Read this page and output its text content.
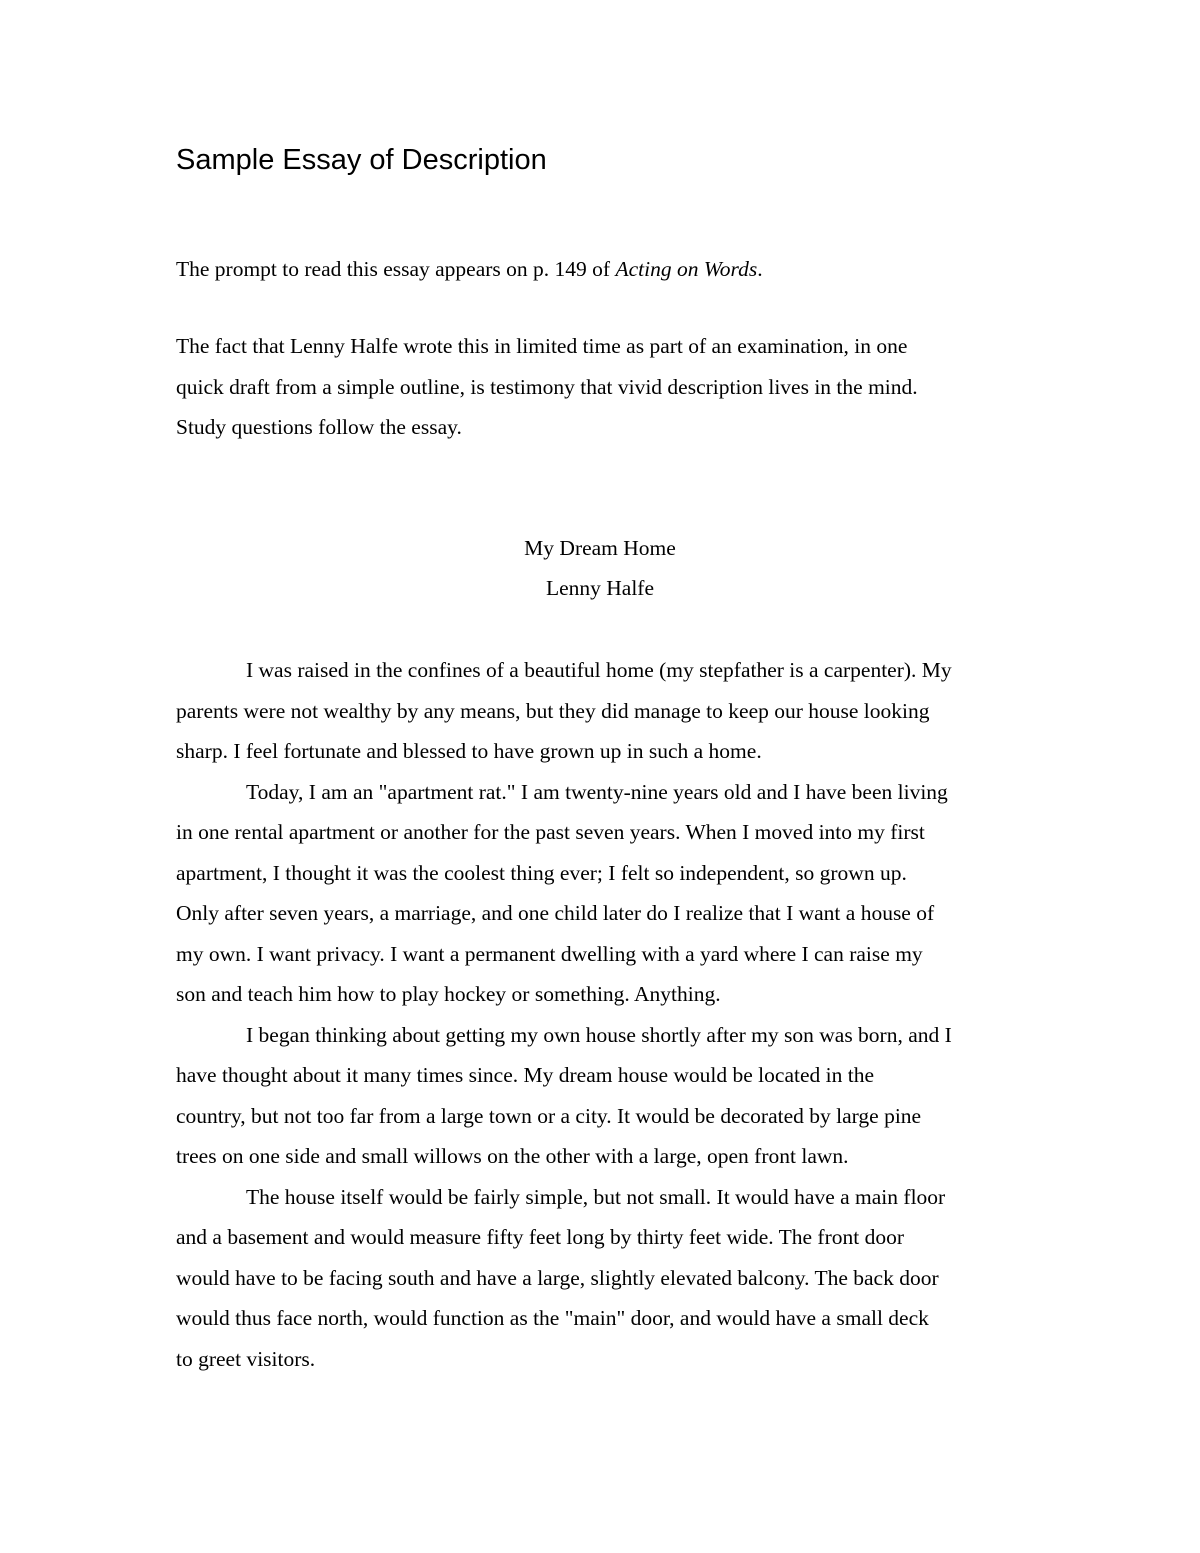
Sample Essay of Description

The prompt to read this essay appears on p. 149 of Acting on Words.

The fact that Lenny Halfe wrote this in limited time as part of an examination, in one
quick draft from a simple outline, is testimony that vivid description lives in the mind.
Study questions follow the essay.

My Dream Home

Lenny Halfe

I was raised in the confines of a beautiful home (my stepfather is a carpenter). My
parents were not wealthy by any means, but they did manage to keep our house looking
sharp. I feel fortunate and blessed to have grown up in such a home.
Today, I am an "apartment rat." I am twenty-nine years old and I have been living
in one rental apartment or another for the past seven years. When I moved into my first
apartment, I thought it was the coolest thing ever; I felt so independent, so grown up.
Only after seven years, a marriage, and one child later do I realize that I want a house of
my own. I want privacy. I want a permanent dwelling with a yard where I can raise my
son and teach him how to play hockey or something. Anything.
I began thinking about getting my own house shortly after my son was born, and I
have thought about it many times since. My dream house would be located in the
country, but not too far from a large town or a city. It would be decorated by large pine
trees on one side and small willows on the other with a large, open front lawn.
The house itself would be fairly simple, but not small. It would have a main floor
and a basement and would measure fifty feet long by thirty feet wide. The front door
would have to be facing south and have a large, slightly elevated balcony. The back door
would thus face north, would function as the "main" door, and would have a small deck
to greet visitors.
